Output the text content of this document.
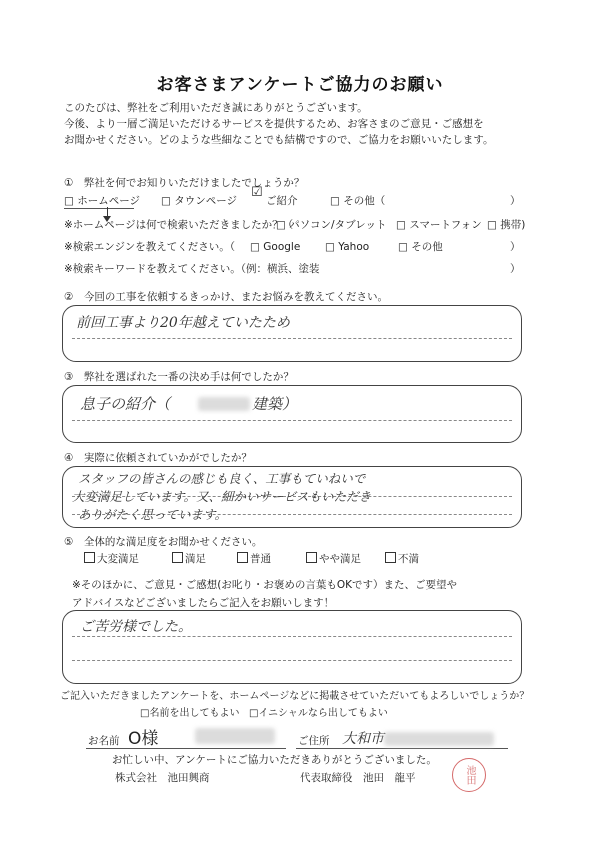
お客さまアンケートご協力のお願い
このたびは、弊社をご利用いただき誠にありがとうございます。
今後、より一層ご満足いただけるサービスを提供するため、お客さまのご意見・ご感想を
お聞かせください。どのような些細なことでも結構ですので、ご協力をお願いいたします。
①　弊社を何でお知りいただけましたでしょうか？
□ ホームページ □ タウンページ
☑
ご紹介	□ その他（	）
※ホームページは何で検索いただきましたか？（
□ パソコン/タブレット □ スマートフォン □ 携帯)
※検索エンジンを教えてください。（ □ Google □ Yahoo	□ その他	）
※検索キーワードを教えてください。（例：横浜、塗装	）
②　今回の工事を依頼するきっかけ、またお悩みを教えてください。
前回工事より20年越えていたため
③　弊社を選ばれた一番の決め手は何でしたか？
息子の紹介（	建築）
④　実際に依頼されていかがでしたか？
スタッフの皆さんの感じも良く、工事もていねいで
大変満足しています。又、細かいサービスもいただき
ありがたく思っています。
⑤　全体的な満足度をお聞かせください。
大変満足	満足	普通	やや満足	不満
※そのほかに、ご意見・ご感想(お叱り・お褒めの言葉もOKです）また、ご要望や
アドバイスなどございましたらご記入をお願いします！
ご苦労様でした。
ご記入いただきましたアンケートを、ホームページなどに掲載させていただいてもよろしいでしょうか？
□名前を出してもよい □イニシャルなら出してもよい
お名前 O様	ご住所 大和市
お忙しい中、アンケートにご協力いただきありがとうございました。
株式会社　池田興商	代表取締役　池田　龍平	池田
